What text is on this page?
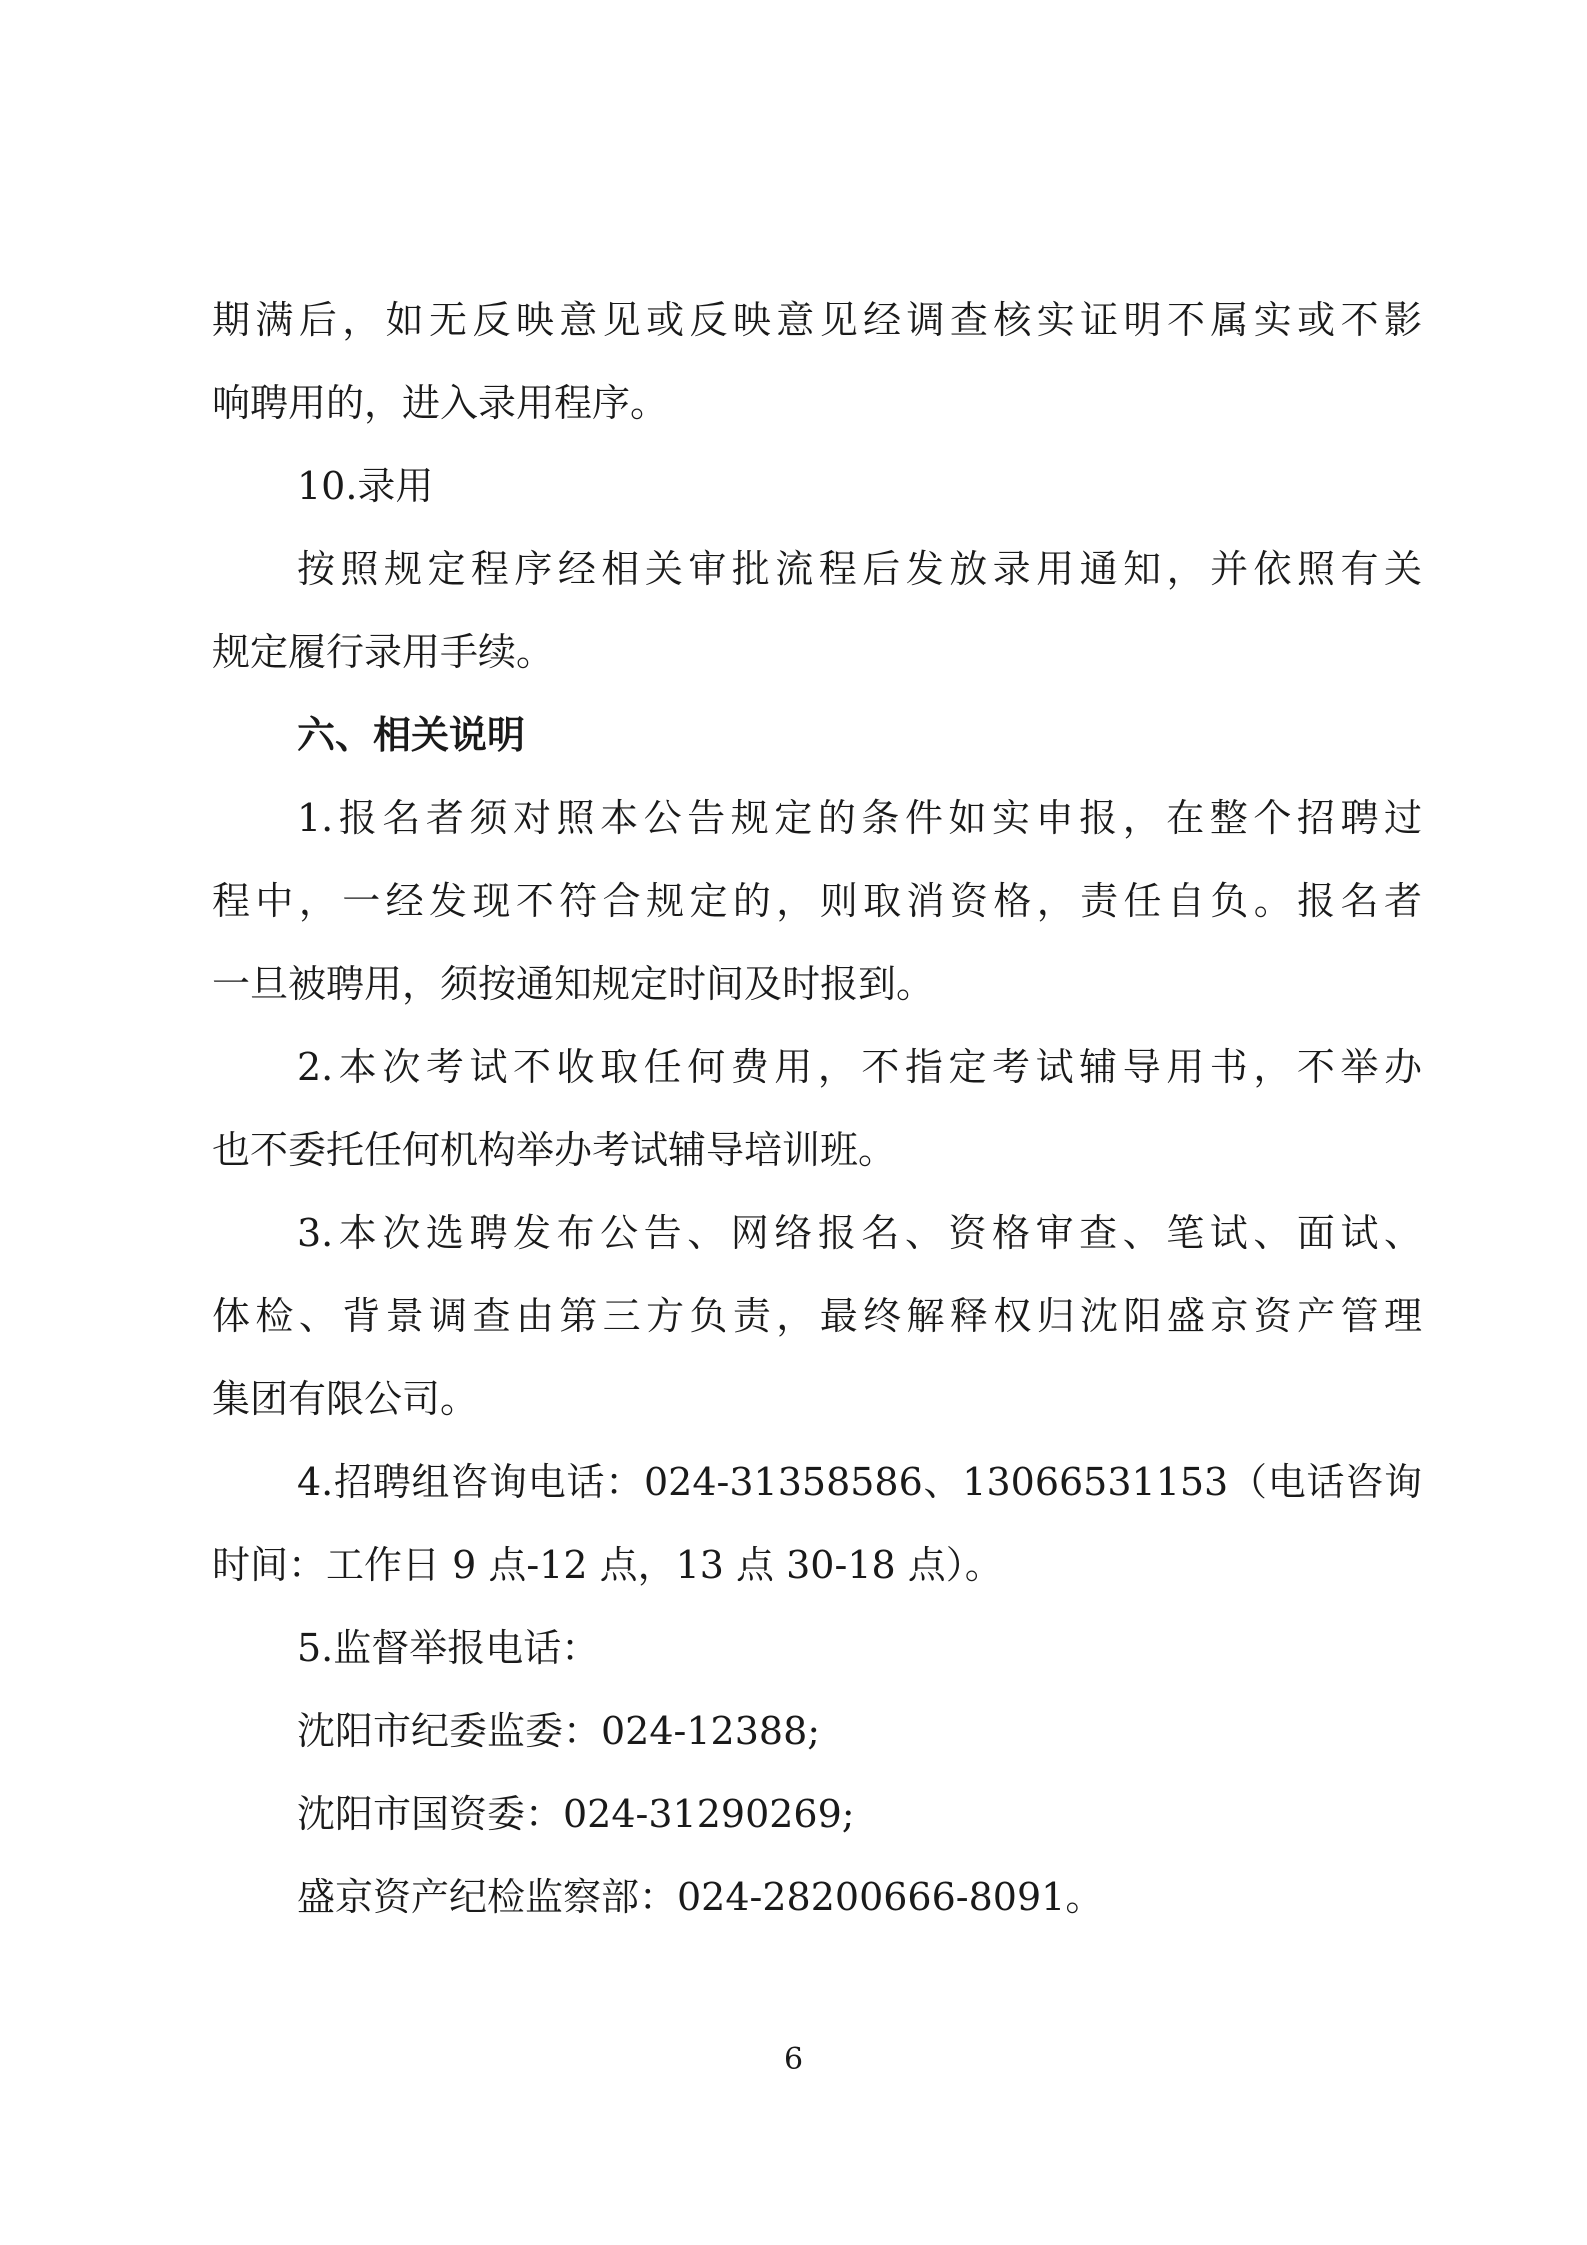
期满后，如无反映意见或反映意见经调查核实证明不属实或不影
响聘用的，进入录用程序。
10.录用
按照规定程序经相关审批流程后发放录用通知，并依照有关
规定履行录用手续。
六、相关说明
1.报名者须对照本公告规定的条件如实申报，在整个招聘过
程中，一经发现不符合规定的，则取消资格，责任自负。报名者
一旦被聘用，须按通知规定时间及时报到。
2.本次考试不收取任何费用，不指定考试辅导用书，不举办
也不委托任何机构举办考试辅导培训班。
3.本次选聘发布公告、网络报名、资格审查、笔试、面试、
体检、背景调查由第三方负责，最终解释权归沈阳盛京资产管理
集团有限公司。
4.招聘组咨询电话：024-31358586、13066531153（电话咨询
时间：工作日 9 点-12 点，13 点 30-18 点）。
5.监督举报电话：
沈阳市纪委监委：024-12388;
沈阳市国资委：024-31290269;
盛京资产纪检监察部：024-28200666-8091。
6
